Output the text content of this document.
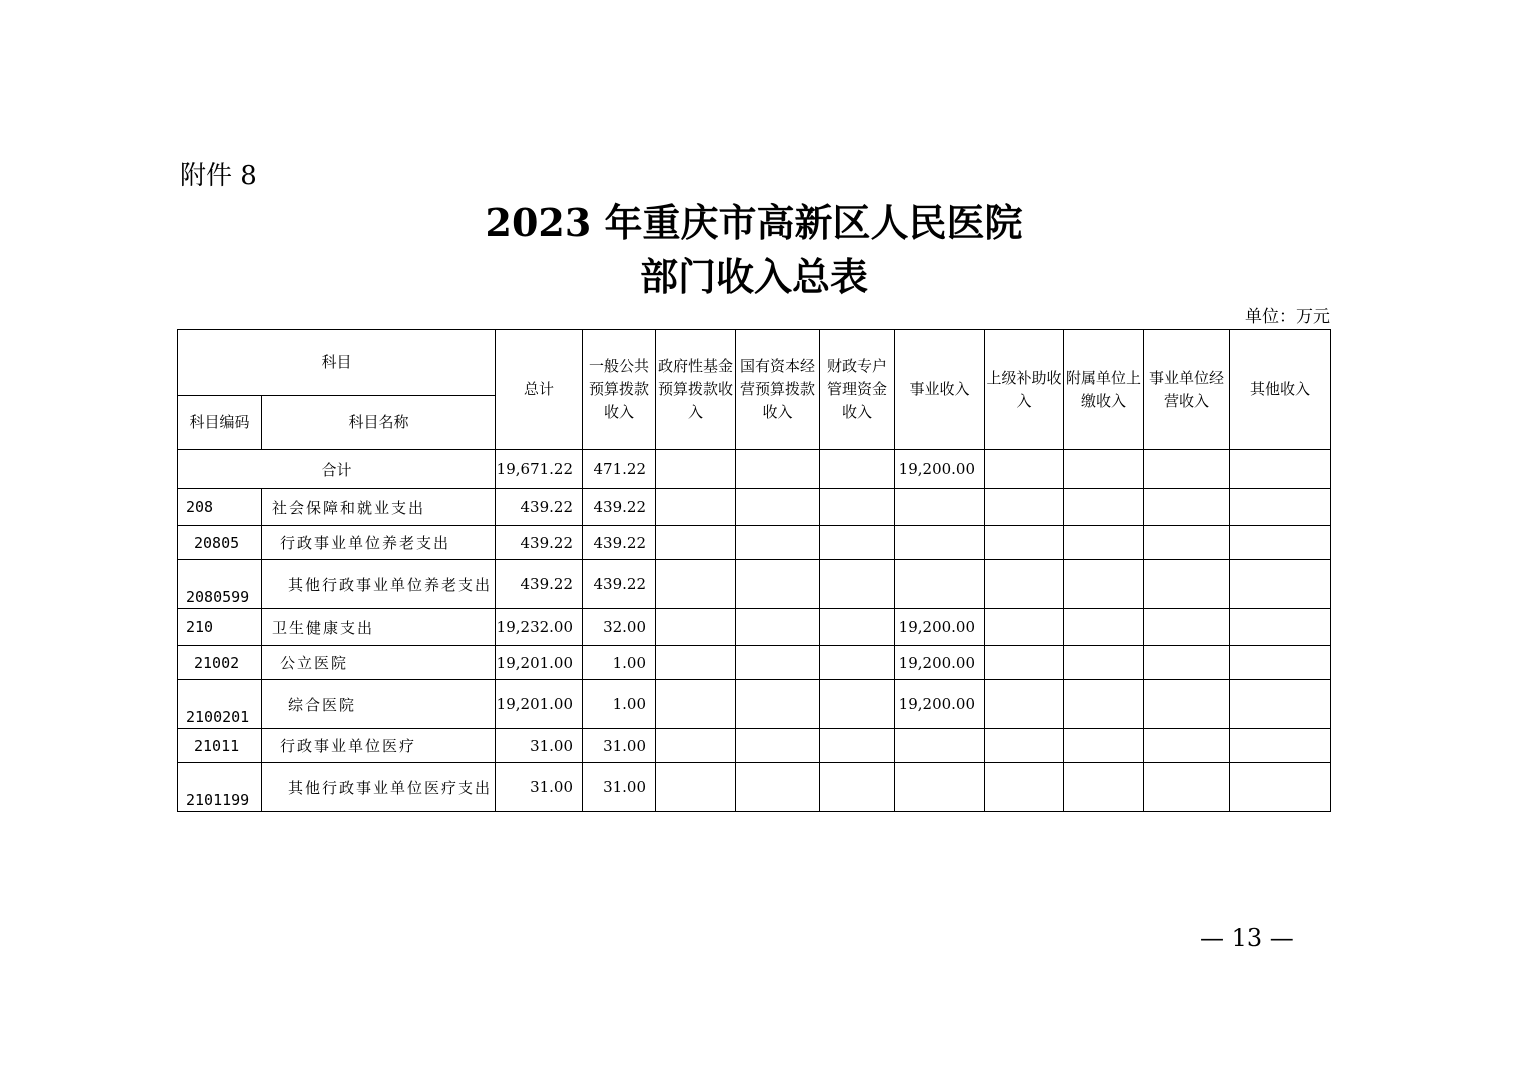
附件 8
2023 年重庆市高新区人民医院
部门收入总表
单位：万元
科目		总计	一般公共预算拨款收入	政府性基金预算拨款收入	国有资本经营预算拨款收入	财政专户管理资金收入	事业收入	上级补助收入	附属单位上缴收入	事业单位经营收入	其他收入
科目编码	科目名称										
合计		19,671.22	471.22				19,200.00				
208	社会保障和就业支出	439.22	439.22								
20805	行政事业单位养老支出	439.22	439.22								
2080599	其他行政事业单位养老支出	439.22	439.22								
210	卫生健康支出	19,232.00	32.00				19,200.00				
21002	公立医院	19,201.00	1.00				19,200.00				
2100201	综合医院	19,201.00	1.00				19,200.00				
21011	行政事业单位医疗	31.00	31.00								
2101199	其他行政事业单位医疗支出	31.00	31.00								
— 13 —
